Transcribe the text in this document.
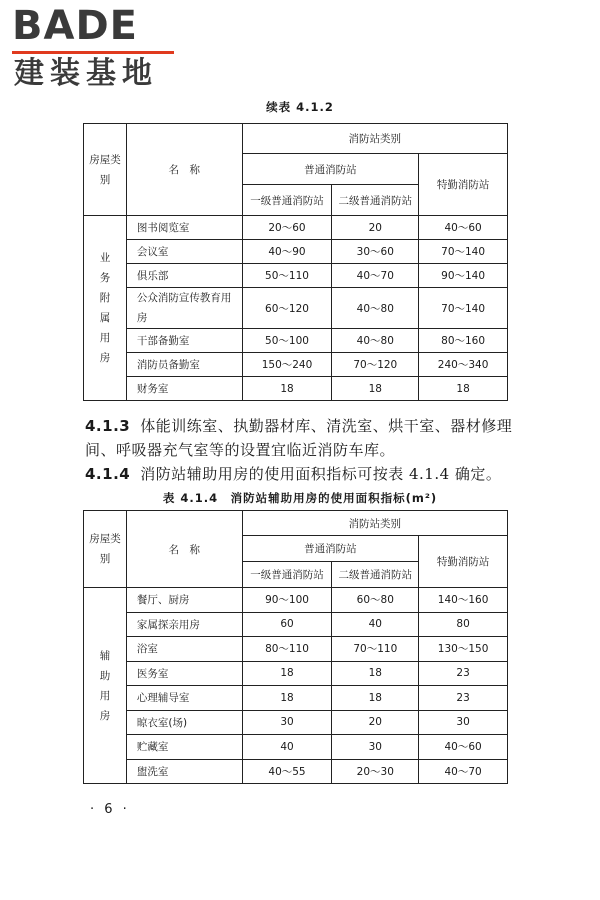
BADE
建装基地
续表 4.1.2
房屋类别	名　称	消防站类别		
		普通消防站		特勤消防站
		一级普通消防站	二级普通消防站	
业务附属用房	图书阅览室	20～60	20	40～60
	会议室	40～90	30～60	70～140
	俱乐部	50～110	40～70	90～140
	公众消防宣传教育用房	60～120	40～80	70～140
	干部备勤室	50～100	40～80	80～160
	消防员备勤室	150～240	70～120	240～340
	财务室	18	18	18
4.1.3 体能训练室、执勤器材库、清洗室、烘干室、器材修理间、呼吸器充气室等的设置宜临近消防车库。
4.1.4 消防站辅助用房的使用面积指标可按表 4.1.4 确定。
表 4.1.4　消防站辅助用房的使用面积指标(m²)
房屋类别	名　称	消防站类别		
		普通消防站		特勤消防站
		一级普通消防站	二级普通消防站	
辅助用房	餐厅、厨房	90～100	60～80	140～160
	家属探亲用房	60	40	80
	浴室	80～110	70～110	130～150
	医务室	18	18	23
	心理辅导室	18	18	23
	晾衣室(场)	30	20	30
	贮藏室	40	30	40～60
	盥洗室	40～55	20～30	40～70
· 6 ·
